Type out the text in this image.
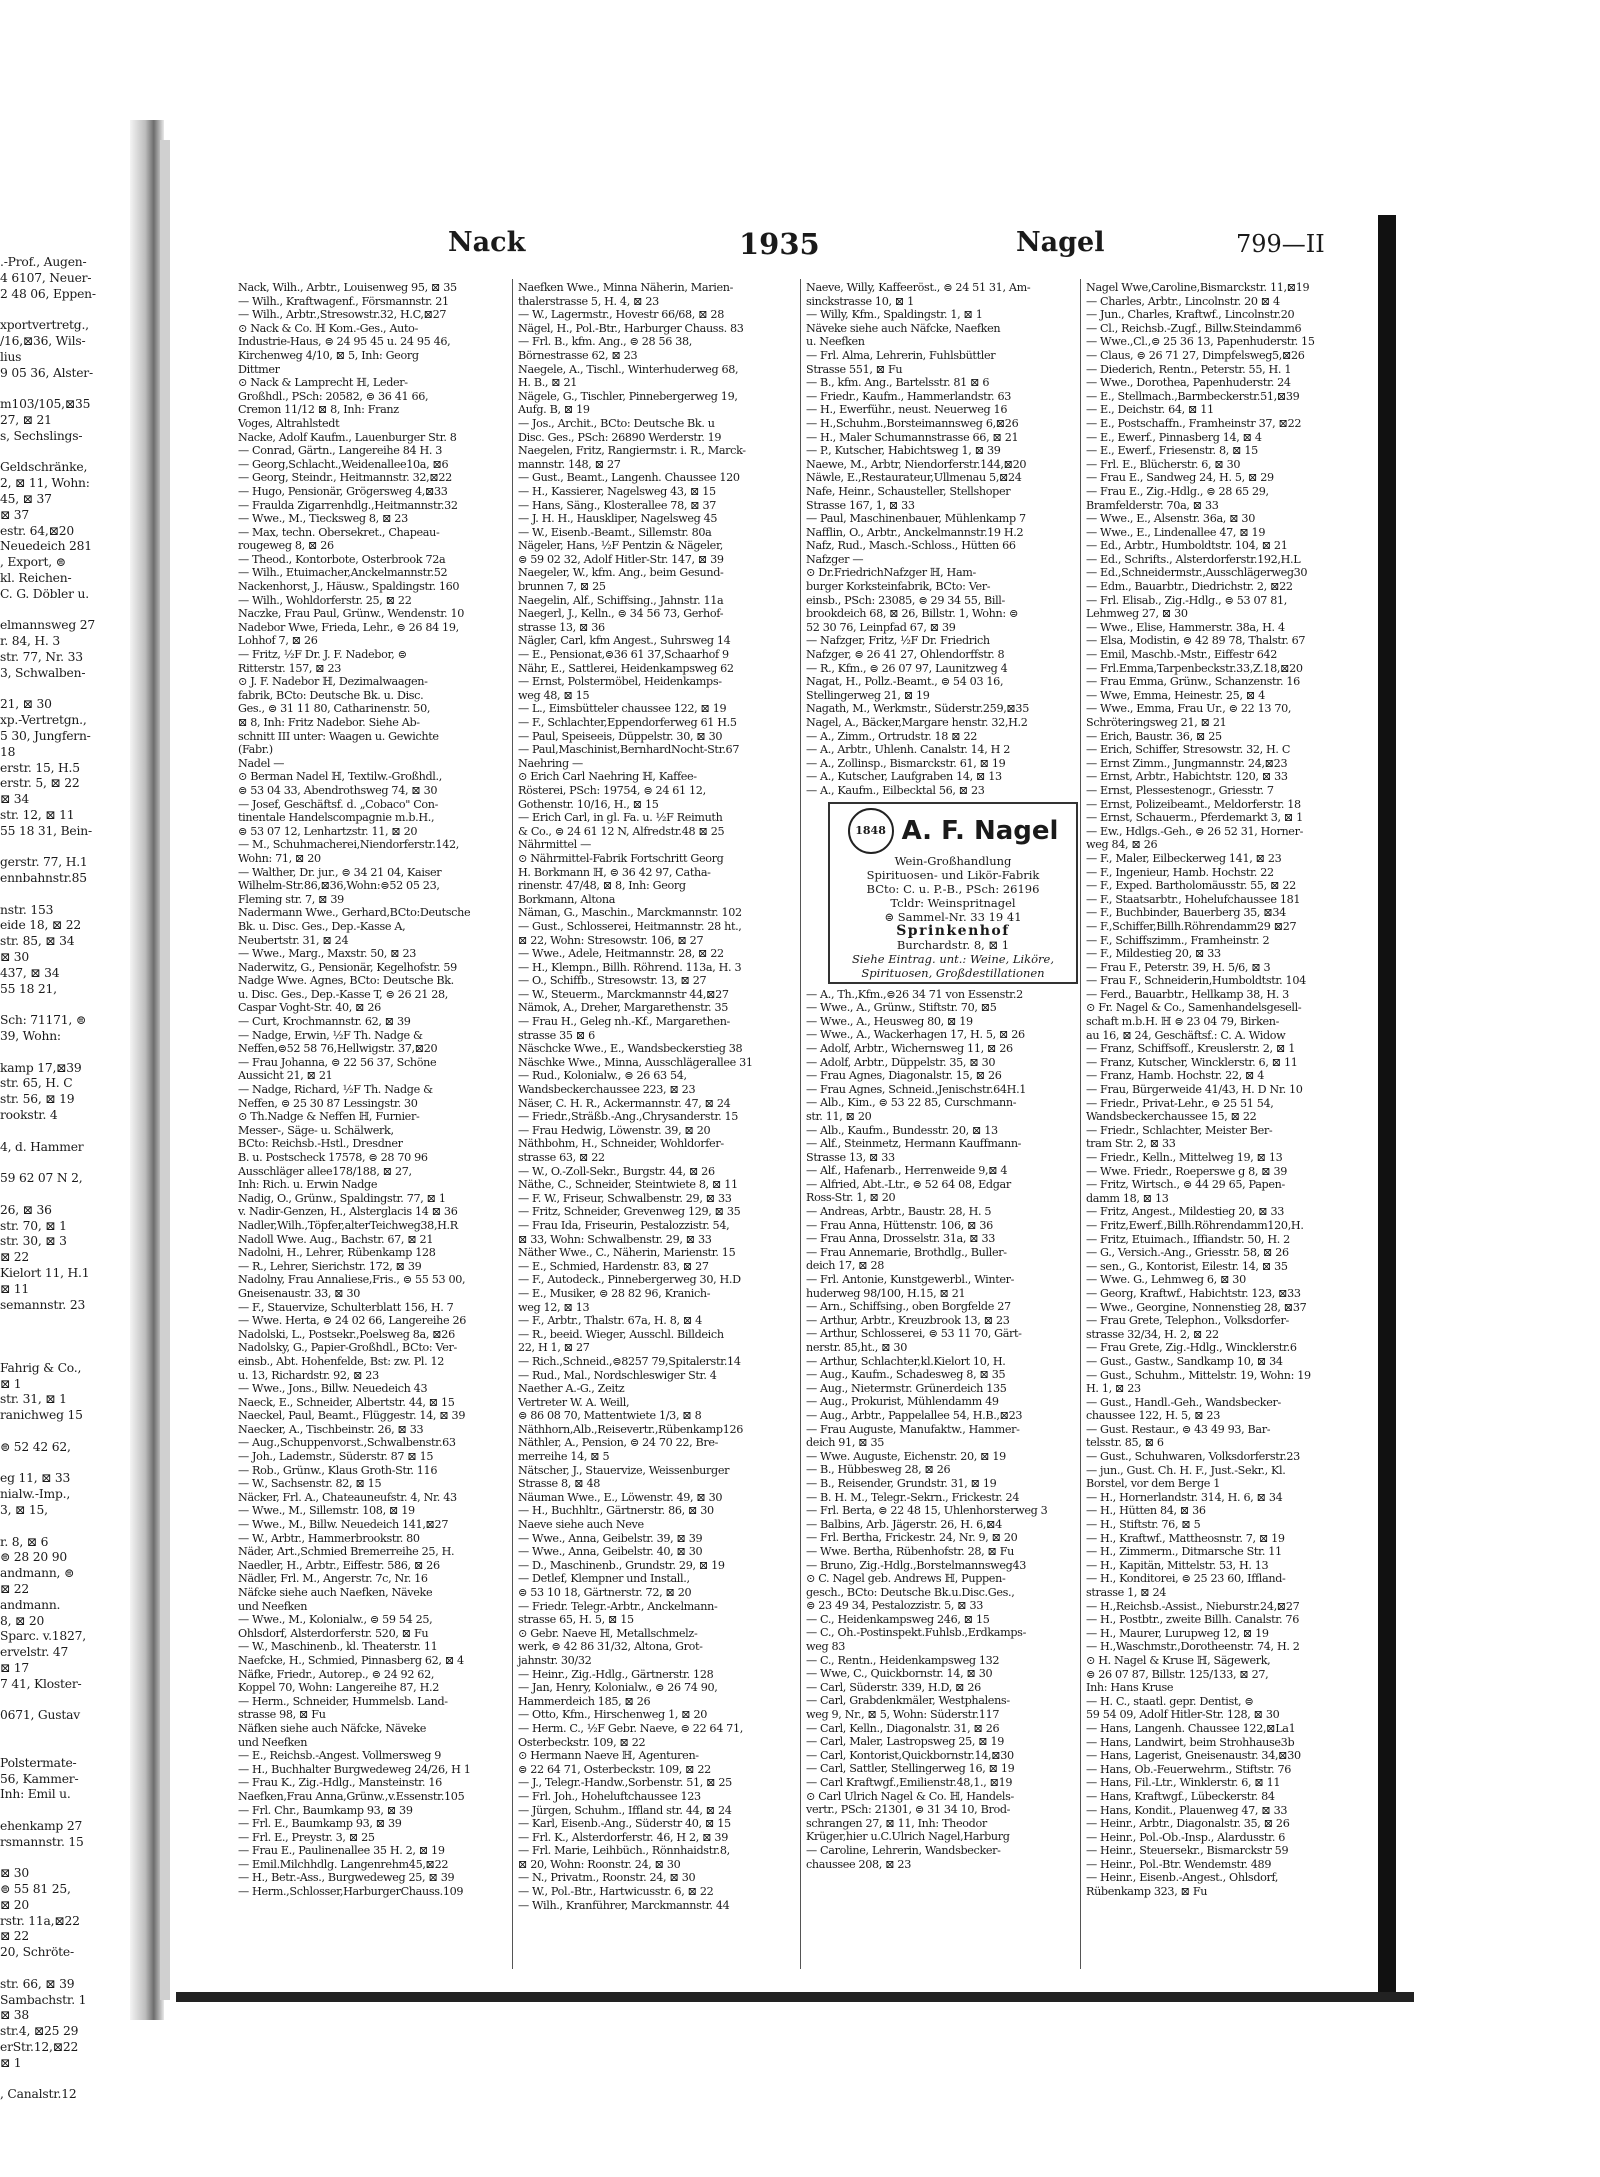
.-Prof., Augen-
4 6107, Neuer-
2 48 06, Eppen-

xportvertretg.,
/16,⊠36, Wils-
lius
9 05 36, Alster-

m103/105,⊠35
27, ⊠ 21
s, Sechslings-

Geldschränke,
2, ⊠ 11, Wohn:
45, ⊠ 37
⊠ 37
estr. 64,⊠20
Neuedeich 281
, Export, ⊜
kl. Reichen-
C. G. Döbler u.

elmannsweg 27
r. 84, H. 3
str. 77, Nr. 33
3, Schwalben-

21, ⊠ 30
xp.-Vertretgn.,
5 30, Jungfern-
18
erstr. 15, H.5
erstr. 5, ⊠ 22
⊠ 34
str. 12, ⊠ 11
55 18 31, Bein-

gerstr. 77, H.1
ennbahnstr.85

nstr. 153
eide 18, ⊠ 22
str. 85, ⊠ 34
⊠ 30
437, ⊠ 34
55 18 21,

Sch: 71171, ⊜
39, Wohn:

kamp 17,⊠39
str. 65, H. C
str. 56, ⊠ 19
rookstr. 4

4, d. Hammer

59 62 07 N 2,

26, ⊠ 36
str. 70, ⊠ 1
str. 30, ⊠ 3
⊠ 22
Kielort 11, H.1
⊠ 11
semannstr. 23

Fahrig & Co.,
⊠ 1
str. 31, ⊠ 1
ranichweg 15

⊜ 52 42 62,

eg 11, ⊠ 33
nialw.-Imp.,
3, ⊠ 15,

r. 8, ⊠ 6
⊜ 28 20 90
andmann, ⊜
⊠ 22
andmann.
8, ⊠ 20
Sparc. v.1827,
ervelstr. 47
⊠ 17
7 41, Kloster-

0671, Gustav

Polstermate-
56, Kammer-
Inh: Emil u.

ehenkamp 27
rsmannstr. 15

⊠ 30
⊜ 55 81 25,
⊠ 20
rstr. 11a,⊠22
⊠ 22
20, Schröte-

str. 66, ⊠ 39
Sambachstr. 1
⊠ 38
str.4, ⊠25 29
erStr.12,⊠22
⊠ 1

, Canalstr.12
Nack	1935	Nagel	799—II
Nack, Wilh., Arbtr., Louisenweg 95, ⊠ 35
— Wilh., Kraftwagenf., Försmannstr. 21
— Wilh., Arbtr.,Stresowstr.32, H.C,⊠27
⊙ Nack & Co. ℍ Kom.-Ges., Auto-
Industrie-Haus, ⊜ 24 95 45 u. 24 95 46,
Kirchenweg 4/10, ⊠ 5, Inh: Georg
Dittmer
⊙ Nack & Lamprecht ℍ, Leder-
Großhdl., PSch: 20582, ⊜ 36 41 66,
Cremon 11/12 ⊠ 8, Inh: Franz
Voges, Altrahlstedt
Nacke, Adolf Kaufm., Lauenburger Str. 8
— Conrad, Gärtn., Langereihe 84 H. 3
— Georg,Schlacht.,Weidenallee10a, ⊠6
— Georg, Steindr., Heitmannstr. 32,⊠22
— Hugo, Pensionär, Grögersweg 4,⊠33
— Fraulda Zigarrenhdlg.,Heitmannstr.32
— Wwe., M., Tiecksweg 8, ⊠ 23
— Max, techn. Obersekret., Chapeau-
rougeweg 8, ⊠ 26
— Theod., Kontorbote, Osterbrook 72a
— Wilh., Etuimacher,Anckelmannstr.52
Nackenhorst, J., Häusw., Spaldingstr. 160
— Wilh., Wohldorferstr. 25, ⊠ 22
Naczke, Frau Paul, Grünw., Wendenstr. 10
Nadebor Wwe, Frieda, Lehr., ⊜ 26 84 19,
Lohhof 7, ⊠ 26
— Fritz, ½F Dr. J. F. Nadebor, ⊜
Ritterstr. 157, ⊠ 23
⊙ J. F. Nadebor ℍ, Dezimalwaagen-
fabrik, BCto: Deutsche Bk. u. Disc.
Ges., ⊜ 31 11 80, Catharinenstr. 50,
⊠ 8, Inh: Fritz Nadebor. Siehe Ab-
schnitt III unter: Waagen u. Gewichte
(Fabr.)
Nadel —
⊙ Berman Nadel ℍ, Textilw.-Großhdl.,
⊜ 53 04 33, Abendrothsweg 74, ⊠ 30
— Josef, Geschäftsf. d. „Cobaco" Con-
tinentale Handelscompagnie m.b.H.,
⊜ 53 07 12, Lenhartzstr. 11, ⊠ 20
— M., Schuhmacherei,Niendorferstr.142,
Wohn: 71, ⊠ 20
— Walther, Dr. jur., ⊜ 34 21 04, Kaiser
Wilhelm-Str.86,⊠36,Wohn:⊜52 05 23,
Fleming str. 7, ⊠ 39
Nadermann Wwe., Gerhard,BCto:Deutsche
Bk. u. Disc. Ges., Dep.-Kasse A,
Neubertstr. 31, ⊠ 24
— Wwe., Marg., Maxstr. 50, ⊠ 23
Naderwitz, G., Pensionär, Kegelhofstr. 59
Nadge Wwe. Agnes, BCto: Deutsche Bk.
u. Disc. Ges., Dep.-Kasse T, ⊜ 26 21 28,
Caspar Voght-Str. 40, ⊠ 26
— Curt, Krochmannstr. 62, ⊠ 39
— Nadge, Erwin, ½F Th. Nadge &
Neffen,⊜52 58 76,Hellwigstr. 37,⊠20
— Frau Johanna, ⊜ 22 56 37, Schöne
Aussicht 21, ⊠ 21
— Nadge, Richard, ½F Th. Nadge &
Neffen, ⊜ 25 30 87 Lessingstr. 30
⊙ Th.Nadge & Neffen ℍ, Furnier-
Messer-, Säge- u. Schälwerk,
BCto: Reichsb.-Hstl., Dresdner
B. u. Postscheck 17578, ⊜ 28 70 96
Ausschläger allee178/188, ⊠ 27,
Inh: Rich. u. Erwin Nadge
Nadig, O., Grünw., Spaldingstr. 77, ⊠ 1
v. Nadir-Genzen, H., Alsterglacis 14 ⊠ 36
Nadler,Wilh.,Töpfer,alterTeichweg38,H.R
Nadoll Wwe. Aug., Bachstr. 67, ⊠ 21
Nadolni, H., Lehrer, Rübenkamp 128
— R., Lehrer, Sierichstr. 172, ⊠ 39
Nadolny, Frau Annaliese,Fris., ⊜ 55 53 00,
Gneisenaustr. 33, ⊠ 30
— F., Stauervize, Schulterblatt 156, H. 7
— Wwe. Herta, ⊜ 24 02 66, Langereihe 26
Nadolski, L., Postsekr.,Poelsweg 8a, ⊠26
Nadolsky, G., Papier-Großhdl., BCto: Ver-
einsb., Abt. Hohenfelde, Bst: zw. Pl. 12
u. 13, Richardstr. 92, ⊠ 23
— Wwe., Jons., Billw. Neuedeich 43
Naeck, E., Schneider, Albertstr. 44, ⊠ 15
Naeckel, Paul, Beamt., Flüggestr. 14, ⊠ 39
Naecker, A., Tischbeinstr. 26, ⊠ 33
— Aug.,Schuppenvorst.,Schwalbenstr.63
— Joh., Lademstr., Süderstr. 87 ⊠ 15
— Rob., Grünw., Klaus Groth-Str. 116
— W., Sachsenstr. 82, ⊠ 15
Näcker, Frl. A., Chateauneufstr. 4, Nr. 43
— Wwe., M., Sillemstr. 108, ⊠ 19
— Wwe., M., Billw. Neuedeich 141,⊠27
— W., Arbtr., Hammerbrookstr. 80
Näder, Art.,Schmied Bremerreihe 25, H.
Naedler, H., Arbtr., Eiffestr. 586, ⊠ 26
Nädler, Frl. M., Angerstr. 7c, Nr. 16
Näfcke siehe auch Naefken, Näveke
und Neefken
— Wwe., M., Kolonialw., ⊜ 59 54 25,
Ohlsdorf, Alsterdorferstr. 520, ⊠ Fu
— W., Maschinenb., kl. Theaterstr. 11
Naefcke, H., Schmied, Pinnasberg 62, ⊠ 4
Näfke, Friedr., Autorep., ⊜ 24 92 62,
Koppel 70, Wohn: Langereihe 87, H.2
— Herm., Schneider, Hummelsb. Land-
strasse 98, ⊠ Fu
Näfken siehe auch Näfcke, Näveke
und Neefken
— E., Reichsb.-Angest. Vollmersweg 9
— H., Buchhalter Burgwedeweg 24/26, H 1
— Frau K., Zig.-Hdlg., Mansteinstr. 16
Naefken,Frau Anna,Grünw.,v.Essenstr.105
— Frl. Chr., Baumkamp 93, ⊠ 39
— Frl. E., Baumkamp 93, ⊠ 39
— Frl. E., Preystr. 3, ⊠ 25
— Frau E., Paulinenallee 35 H. 2, ⊠ 19
— Emil.Milchhdlg. Langenrehm45,⊠22
— H., Betr.-Ass., Burgwedeweg 25, ⊠ 39
— Herm.,Schlosser,HarburgerChauss.109
Naefken Wwe., Minna Näherin, Marien-
thalerstrasse 5, H. 4, ⊠ 23
— W., Lagermstr., Hovestr 66/68, ⊠ 28
Nägel, H., Pol.-Btr., Harburger Chauss. 83
— Frl. B., kfm. Ang., ⊜ 28 56 38,
Börnestrasse 62, ⊠ 23
Naegele, A., Tischl., Winterhuderweg 68,
H. B., ⊠ 21
Nägele, G., Tischler, Pinnebergerweg 19,
Aufg. B, ⊠ 19
— Jos., Archit., BCto: Deutsche Bk. u
Disc. Ges., PSch: 26890 Werderstr. 19
Naegelen, Fritz, Rangiermstr. i. R., Marck-
mannstr. 148, ⊠ 27
— Gust., Beamt., Langenh. Chaussee 120
— H., Kassierer, Nagelsweg 43, ⊠ 15
— Hans, Säng., Klosterallee 78, ⊠ 37
— J. H. H., Hauskliper, Nagelsweg 45
— W., Eisenb.-Beamt., Sillemstr. 80a
Nägeler, Hans, ½F Pentzin & Nägeler,
⊜ 59 02 32, Adolf Hitler-Str. 147, ⊠ 39
Naegeler, W., kfm. Ang., beim Gesund-
brunnen 7, ⊠ 25
Naegelin, Alf., Schiffsing., Jahnstr. 11a
Naegerl, J., Kelln., ⊜ 34 56 73, Gerhof-
strasse 13, ⊠ 36
Nägler, Carl, kfm Angest., Suhrsweg 14
— E., Pensionat,⊜36 61 37,Schaarhof 9
Nähr, E., Sattlerei, Heidenkampsweg 62
— Ernst, Polstermöbel, Heidenkamps-
weg 48, ⊠ 15
— L., Eimsbütteler chaussee 122, ⊠ 19
— F., Schlachter,Eppendorferweg 61 H.5
— Paul, Speiseeis, Düppelstr. 30, ⊠ 30
— Paul,Maschinist,BernhardNocht-Str.67
Naehring —
⊙ Erich Carl Naehring ℍ, Kaffee-
Rösterei, PSch: 19754, ⊜ 24 61 12,
Gothenstr. 10/16, H., ⊠ 15
— Erich Carl, in gl. Fa. u. ½F Reimuth
& Co., ⊜ 24 61 12 N, Alfredstr.48 ⊠ 25
Nährmittel —
⊙ Nährmittel-Fabrik Fortschritt Georg
H. Borkmann ℍ, ⊜ 36 42 97, Catha-
rinenstr. 47/48, ⊠ 8, Inh: Georg
Borkmann, Altona
Näman, G., Maschin., Marckmannstr. 102
— Gust., Schlosserei, Heitmannstr. 28 ht.,
⊠ 22, Wohn: Stresowstr. 106, ⊠ 27
— Wwe., Adele, Heitmannstr. 28, ⊠ 22
— H., Klempn., Billh. Röhrend. 113a, H. 3
— O., Schiffb., Stresowstr. 13, ⊠ 27
— W., Steuerm., Marckmannstr 44,⊠27
Nämok, A., Dreher, Margarethenstr. 35
— Frau H., Geleg nh.-Kf., Margarethen-
strasse 35 ⊠ 6
Näschcke Wwe., E., Wandsbeckerstieg 38
Näschke Wwe., Minna, Ausschlägerallee 31
— Rud., Kolonialw., ⊜ 26 63 54,
Wandsbeckerchaussee 223, ⊠ 23
Näser, C. H. R., Ackermannstr. 47, ⊠ 24
— Friedr.,Sträßb.-Ang.,Chrysanderstr. 15
— Frau Hedwig, Löwenstr. 39, ⊠ 20
Näthbohm, H., Schneider, Wohldorfer-
strasse 63, ⊠ 22
— W., O.-Zoll-Sekr., Burgstr. 44, ⊠ 26
Näthe, C., Schneider, Steintwiete 8, ⊠ 11
— F. W., Friseur, Schwalbenstr. 29, ⊠ 33
— Fritz, Schneider, Grevenweg 129, ⊠ 35
— Frau Ida, Friseurin, Pestalozzistr. 54,
⊠ 33, Wohn: Schwalbenstr. 29, ⊠ 33
Näther Wwe., C., Näherin, Marienstr. 15
— E., Schmied, Hardenstr. 83, ⊠ 27
— F., Autodeck., Pinnebergerweg 30, H.D
— E., Musiker, ⊜ 28 82 96, Kranich-
weg 12, ⊠ 13
— F., Arbtr., Thalstr. 67a, H. 8, ⊠ 4
— R., beeid. Wieger, Ausschl. Billdeich
22, H 1, ⊠ 27
— Rich.,Schneid.,⊜8257 79,Spitalerstr.14
— Rud., Mal., Nordschleswiger Str. 4
Naether A.-G., Zeitz
Vertreter W. A. Weill,
⊜ 86 08 70, Mattentwiete 1/3, ⊠ 8
Näthhorn,Alb.,Reisevertr.,Rübenkamp126
Näthler, A., Pension, ⊜ 24 70 22, Bre-
merreihe 14, ⊠ 5
Nätscher, J., Stauervize, Weissenburger
Strasse 8, ⊠ 48
Näuman Wwe., E., Löwenstr. 49, ⊠ 30
— H., Buchhltr., Gärtnerstr. 86, ⊠ 30
Naeve siehe auch Neve
— Wwe., Anna, Geibelstr. 39, ⊠ 39
— Wwe., Anna, Geibelstr. 40, ⊠ 30
— D., Maschinenb., Grundstr. 29, ⊠ 19
— Detlef, Klempner und Install.,
⊜ 53 10 18, Gärtnerstr. 72, ⊠ 20
— Friedr. Telegr.-Arbtr., Anckelmann-
strasse 65, H. 5, ⊠ 15
⊙ Gebr. Naeve ℍ, Metallschmelz-
werk, ⊜ 42 86 31/32, Altona, Grot-
jahnstr. 30/32
— Heinr., Zig.-Hdlg., Gärtnerstr. 128
— Jan, Henry, Kolonialw., ⊜ 26 74 90,
Hammerdeich 185, ⊠ 26
— Otto, Kfm., Hirschenweg 1, ⊠ 20
— Herm. C., ½F Gebr. Naeve, ⊜ 22 64 71,
Osterbeckstr. 109, ⊠ 22
⊙ Hermann Naeve ℍ, Agenturen-
⊜ 22 64 71, Osterbeckstr. 109, ⊠ 22
— J., Telegr.-Handw.,Sorbenstr. 51, ⊠ 25
— Frl. Joh., Hoheluftchaussee 123
— Jürgen, Schuhm., Iffland str. 44, ⊠ 24
— Karl, Eisenb.-Ang., Süderstr 40, ⊠ 15
— Frl. K., Alsterdorferstr. 46, H 2, ⊠ 39
— Frl. Marie, Leihbüch., Rönnhaidstr.8,
⊠ 20, Wohn: Roonstr. 24, ⊠ 30
— N., Privatm., Roonstr. 24, ⊠ 30
— W., Pol.-Btr., Hartwicusstr. 6, ⊠ 22
— Wilh., Kranführer, Marckmannstr. 44
Naeve, Willy, Kaffeeröst., ⊜ 24 51 31, Am-
sinckstrasse 10, ⊠ 1
— Willy, Kfm., Spaldingstr. 1, ⊠ 1
Näveke siehe auch Näfcke, Naefken
u. Neefken
— Frl. Alma, Lehrerin, Fuhlsbüttler
Strasse 551, ⊠ Fu
— B., kfm. Ang., Bartelsstr. 81 ⊠ 6
— Friedr., Kaufm., Hammerlandstr. 63
— H., Ewerführ., neust. Neuerweg 16
— H.,Schuhm.,Borsteimannsweg 6,⊠26
— H., Maler Schumannstrasse 66, ⊠ 21
— P., Kutscher, Habichtsweg 1, ⊠ 39
Naewe, M., Arbtr, Niendorferstr.144,⊠20
Näwle, E.,Restaurateur,Ullmenau 5,⊠24
Nafe, Heinr., Schausteller, Stellshoper
Strasse 167, 1, ⊠ 33
— Paul, Maschinenbauer, Mühlenkamp 7
Nafflin, O., Arbtr., Anckelmannstr.19 H.2
Nafz, Rud., Masch.-Schloss., Hütten 66
Nafzger —
⊙ Dr.FriedrichNafzger ℍ, Ham-
burger Korksteinfabrik, BCto: Ver-
einsb., PSch: 23085, ⊜ 29 34 55, Bill-
brookdeich 68, ⊠ 26, Billstr. 1, Wohn: ⊜
52 30 76, Leinpfad 67, ⊠ 39
— Nafzger, Fritz, ½F Dr. Friedrich
Nafzger, ⊜ 26 41 27, Ohlendorffstr. 8
— R., Kfm., ⊜ 26 07 97, Launitzweg 4
Nagat, H., Pollz.-Beamt., ⊜ 54 03 16,
Stellingerweg 21, ⊠ 19
Nagath, M., Werkmstr., Süderstr.259,⊠35
Nagel, A., Bäcker,Margare henstr. 32,H.2
— A., Zimm., Ortrudstr. 18 ⊠ 22
— A., Arbtr., Uhlenh. Canalstr. 14, H 2
— A., Zollinsp., Bismarckstr. 61, ⊠ 19
— A., Kutscher, Laufgraben 14, ⊠ 13
— A., Kaufm., Eilbecktal 56, ⊠ 23
1848 A. F. Nagel
Wein-Großhandlung
Spirituosen- und Likör-Fabrik
BCto: C. u. P.-B., PSch: 26196
Tcldr: Weinspritnagel
⊜ Sammel-Nr. 33 19 41
Sprinkenhof
Burchardstr. 8, ⊠ 1
Siehe Eintrag. unt.: Weine, Liköre,
Spirituosen, Großdestillationen
— A., Th.,Kfm.,⊜26 34 71 von Essenstr.2
— Wwe., A., Grünw., Stiftstr. 70, ⊠5
— Wwe., A., Heusweg 80, ⊠ 19
— Wwe., A., Wackerhagen 17, H. 5, ⊠ 26
— Adolf, Arbtr., Wichernsweg 11, ⊠ 26
— Adolf, Arbtr., Düppelstr. 35, ⊠ 30
— Frau Agnes, Diagonalstr. 15, ⊠ 26
— Frau Agnes, Schneid.,Jenischstr.64H.1
— Alb., Kim., ⊜ 53 22 85, Curschmann-
str. 11, ⊠ 20
— Alb., Kaufm., Bundesstr. 20, ⊠ 13
— Alf., Steinmetz, Hermann Kauffmann-
Strasse 13, ⊠ 33
— Alf., Hafenarb., Herrenweide 9,⊠ 4
— Alfried, Abt.-Ltr., ⊜ 52 64 08, Edgar
Ross-Str. 1, ⊠ 20
— Andreas, Arbtr., Baustr. 28, H. 5
— Frau Anna, Hüttenstr. 106, ⊠ 36
— Frau Anna, Drosselstr. 31a, ⊠ 33
— Frau Annemarie, Brothdlg., Buller-
deich 17, ⊠ 28
— Frl. Antonie, Kunstgewerbl., Winter-
huderweg 98/100, H.15, ⊠ 21
— Arn., Schiffsing., oben Borgfelde 27
— Arthur, Arbtr., Kreuzbrook 13, ⊠ 23
— Arthur, Schlosserei, ⊜ 53 11 70, Gärt-
nerstr. 85,ht., ⊠ 30
— Arthur, Schlachter,kl.Kielort 10, H.
— Aug., Kaufm., Schadesweg 8, ⊠ 35
— Aug., Nietermstr. Grünerdeich 135
— Aug., Prokurist, Mühlendamm 49
— Aug., Arbtr., Pappelallee 54, H.B.,⊠23
— Frau Auguste, Manufaktw., Hammer-
deich 91, ⊠ 35
— Wwe. Auguste, Eichenstr. 20, ⊠ 19
— B., Hübbesweg 28, ⊠ 26
— B., Reisender, Grundstr. 31, ⊠ 19
— B. H. M., Telegr.-Sekrn., Frickestr. 24
— Frl. Berta, ⊜ 22 48 15, Uhlenhorsterweg 3
— Balbins, Arb. Jägerstr. 26, H. 6,⊠4
— Frl. Bertha, Frickestr. 24, Nr. 9, ⊠ 20
— Wwe. Bertha, Rübenhofstr. 28, ⊠ Fu
— Bruno, Zig.-Hdlg.,Borstelmannsweg43
⊙ C. Nagel geb. Andrews ℍ, Puppen-
gesch., BCto: Deutsche Bk.u.Disc.Ges.,
⊜ 23 49 34, Pestalozzistr. 5, ⊠ 33
— C., Heidenkampsweg 246, ⊠ 15
— C., Oh.-Postinspekt.Fuhlsb.,Erdkamps-
weg 83
— C., Rentn., Heidenkampsweg 132
— Wwe, C., Quickbornstr. 14, ⊠ 30
— Carl, Süderstr. 339, H.D, ⊠ 26
— Carl, Grabdenkmäler, Westphalens-
weg 9, Nr., ⊠ 5, Wohn: Süderstr.117
— Carl, Kelln., Diagonalstr. 31, ⊠ 26
— Carl, Maler, Lastropsweg 25, ⊠ 19
— Carl, Kontorist,Quickbornstr.14,⊠30
— Carl, Sattler, Stellingerweg 16, ⊠ 19
— Carl Kraftwgf.,Emilienstr.48,1., ⊠19
⊙ Carl Ulrich Nagel & Co. ℍ, Handels-
vertr., PSch: 21301, ⊜ 31 34 10, Brod-
schrangen 27, ⊠ 11, Inh: Theodor
Krüger,hier u.C.Ulrich Nagel,Harburg
— Caroline, Lehrerin, Wandsbecker-
chaussee 208, ⊠ 23
Nagel Wwe,Caroline,Bismarckstr. 11,⊠19
— Charles, Arbtr., Lincolnstr. 20 ⊠ 4
— Jun., Charles, Kraftwf., Lincolnstr.20
— Cl., Reichsb.-Zugf., Billw.Steindamm6
— Wwe.,Cl.,⊜ 25 36 13, Papenhuderstr. 15
— Claus, ⊜ 26 71 27, Dimpfelsweg5,⊠26
— Diederich, Rentn., Peterstr. 55, H. 1
— Wwe., Dorothea, Papenhuderstr. 24
— E., Stellmach.,Barmbeckerstr.51,⊠39
— E., Deichstr. 64, ⊠ 11
— E., Postschaffn., Framheinstr 37, ⊠22
— E., Ewerf., Pinnasberg 14, ⊠ 4
— E., Ewerf., Friesenstr. 8, ⊠ 15
— Frl. E., Blücherstr. 6, ⊠ 30
— Frau E., Sandweg 24, H. 5, ⊠ 29
— Frau E., Zig.-Hdlg., ⊜ 28 65 29,
Bramfelderstr. 70a, ⊠ 33
— Wwe., E., Alsenstr. 36a, ⊠ 30
— Wwe., E., Lindenallee 47, ⊠ 19
— Ed., Arbtr., Humboldtstr. 104, ⊠ 21
— Ed., Schrifts., Alsterdorferstr.192,H.L
— Ed.,Schneidermstr.,Ausschlägerweg30
— Edm., Bauarbtr., Diedrichstr. 2, ⊠22
— Frl. Elisab., Zig.-Hdlg., ⊜ 53 07 81,
Lehmweg 27, ⊠ 30
— Wwe., Elise, Hammerstr. 38a, H. 4
— Elsa, Modistin, ⊜ 42 89 78, Thalstr. 67
— Emil, Maschb.-Mstr., Eiffestr 642
— Frl.Emma,Tarpenbeckstr.33,Z.18,⊠20
— Frau Emma, Grünw., Schanzenstr. 16
— Wwe, Emma, Heinestr. 25, ⊠ 4
— Wwe., Emma, Frau Ur., ⊜ 22 13 70,
Schröteringsweg 21, ⊠ 21
— Erich, Baustr. 36, ⊠ 25
— Erich, Schiffer, Stresowstr. 32, H. C
— Ernst Zimm., Jungmannstr. 24,⊠23
— Ernst, Arbtr., Habichtstr. 120, ⊠ 33
— Ernst, Plessestenogr., Griesstr. 7
— Ernst, Polizeibeamt., Meldorferstr. 18
— Ernst, Schauerm., Pferdemarkt 3, ⊠ 1
— Ew., Hdlgs.-Geh., ⊜ 26 52 31, Horner-
weg 84, ⊠ 26
— F., Maler, Eilbeckerweg 141, ⊠ 23
— F., Ingenieur, Hamb. Hochstr. 22
— F., Exped. Bartholomäusstr. 55, ⊠ 22
— F., Staatsarbtr., Hohelufchaussee 181
— F., Buchbinder, Bauerberg 35, ⊠34
— F.,Schiffer,Billh.Röhrendamm29 ⊠27
— F., Schiffszimm., Framheinstr. 2
— F., Mildestieg 20, ⊠ 33
— Frau F., Peterstr. 39, H. 5/6, ⊠ 3
— Frau F., Schneiderin,Humboldtstr. 104
— Ferd., Bauarbtr., Hellkamp 38, H. 3
⊙ Fr. Nagel & Co., Samenhandelsgesell-
schaft m.b.H. ℍ ⊜ 23 04 79, Birken-
au 16, ⊠ 24, Geschäftsf.: C. A. Widow
— Franz, Schiffsoff., Kreuslerstr. 2, ⊠ 1
— Franz, Kutscher, Wincklerstr. 6, ⊠ 11
— Franz, Hamb. Hochstr. 22, ⊠ 4
— Frau, Bürgerweide 41/43, H. D Nr. 10
— Friedr., Privat-Lehr., ⊜ 25 51 54,
Wandsbeckerchaussee 15, ⊠ 22
— Friedr., Schlachter, Meister Ber-
tram Str. 2, ⊠ 33
— Friedr., Kelln., Mittelweg 19, ⊠ 13
— Wwe. Friedr., Roeperswe g 8, ⊠ 39
— Fritz, Wirtsch., ⊜ 44 29 65, Papen-
damm 18, ⊠ 13
— Fritz, Angest., Mildestieg 20, ⊠ 33
— Fritz,Ewerf.,Billh.Röhrendamm120,H.
— Fritz, Etuimach., Iffiandstr. 50, H. 2
— G., Versich.-Ang., Griesstr. 58, ⊠ 26
— sen., G., Kontorist, Eilestr. 14, ⊠ 35
— Wwe. G., Lehmweg 6, ⊠ 30
— Georg, Kraftwf., Habichtstr. 123, ⊠33
— Wwe., Georgine, Nonnenstieg 28, ⊠37
— Frau Grete, Telephon., Volksdorfer-
strasse 32/34, H. 2, ⊠ 22
— Frau Grete, Zig.-Hdlg., Wincklerstr.6
— Gust., Gastw., Sandkamp 10, ⊠ 34
— Gust., Schuhm., Mittelstr. 19, Wohn: 19
H. 1, ⊠ 23
— Gust., Handl.-Geh., Wandsbecker-
chaussee 122, H. 5, ⊠ 23
— Gust. Restaur., ⊜ 43 49 93, Bar-
telsstr. 85, ⊠ 6
— Gust., Schuhwaren, Volksdorferstr.23
— jun., Gust. Ch. H. F., Just.-Sekr., Kl.
Borstel, vor dem Berge 1
— H., Hornerlandstr. 314, H. 6, ⊠ 34
— H., Hütten 84, ⊠ 36
— H., Stiftstr. 76, ⊠ 5
— H., Kraftwf., Mattheosnstr. 7, ⊠ 19
— H., Zimmerm., Ditmarsche Str. 11
— H., Kapitän, Mittelstr. 53, H. 13
— H., Konditorei, ⊜ 25 23 60, Iffland-
strasse 1, ⊠ 24
— H.,Reichsb.-Assist., Nieburstr.24,⊠27
— H., Postbtr., zweite Billh. Canalstr. 76
— H., Maurer, Lurupweg 12, ⊠ 19
— H.,Waschmstr.,Dorotheenstr. 74, H. 2
⊙ H. Nagel & Kruse ℍ, Sägewerk,
⊜ 26 07 87, Billstr. 125/133, ⊠ 27,
Inh: Hans Kruse
— H. C., staatl. gepr. Dentist, ⊜
59 54 09, Adolf Hitler-Str. 128, ⊠ 30
— Hans, Langenh. Chaussee 122,⊠La1
— Hans, Landwirt, beim Strohhause3b
— Hans, Lagerist, Gneisenaustr. 34,⊠30
— Hans, Ob.-Feuerwehrm., Stiftstr. 76
— Hans, Fil.-Ltr., Winklerstr. 6, ⊠ 11
— Hans, Kraftwgf., Lübeckerstr. 84
— Hans, Kondit., Plauenweg 47, ⊠ 33
— Heinr., Arbtr., Diagonalstr. 35, ⊠ 26
— Heinr., Pol.-Ob.-Insp., Alardusstr. 6
— Heinr., Steuersekr., Bismarckstr 59
— Heinr., Pol.-Btr. Wendemstr. 489
— Heinr., Eisenb.-Angest., Ohlsdorf,
Rübenkamp 323, ⊠ Fu
